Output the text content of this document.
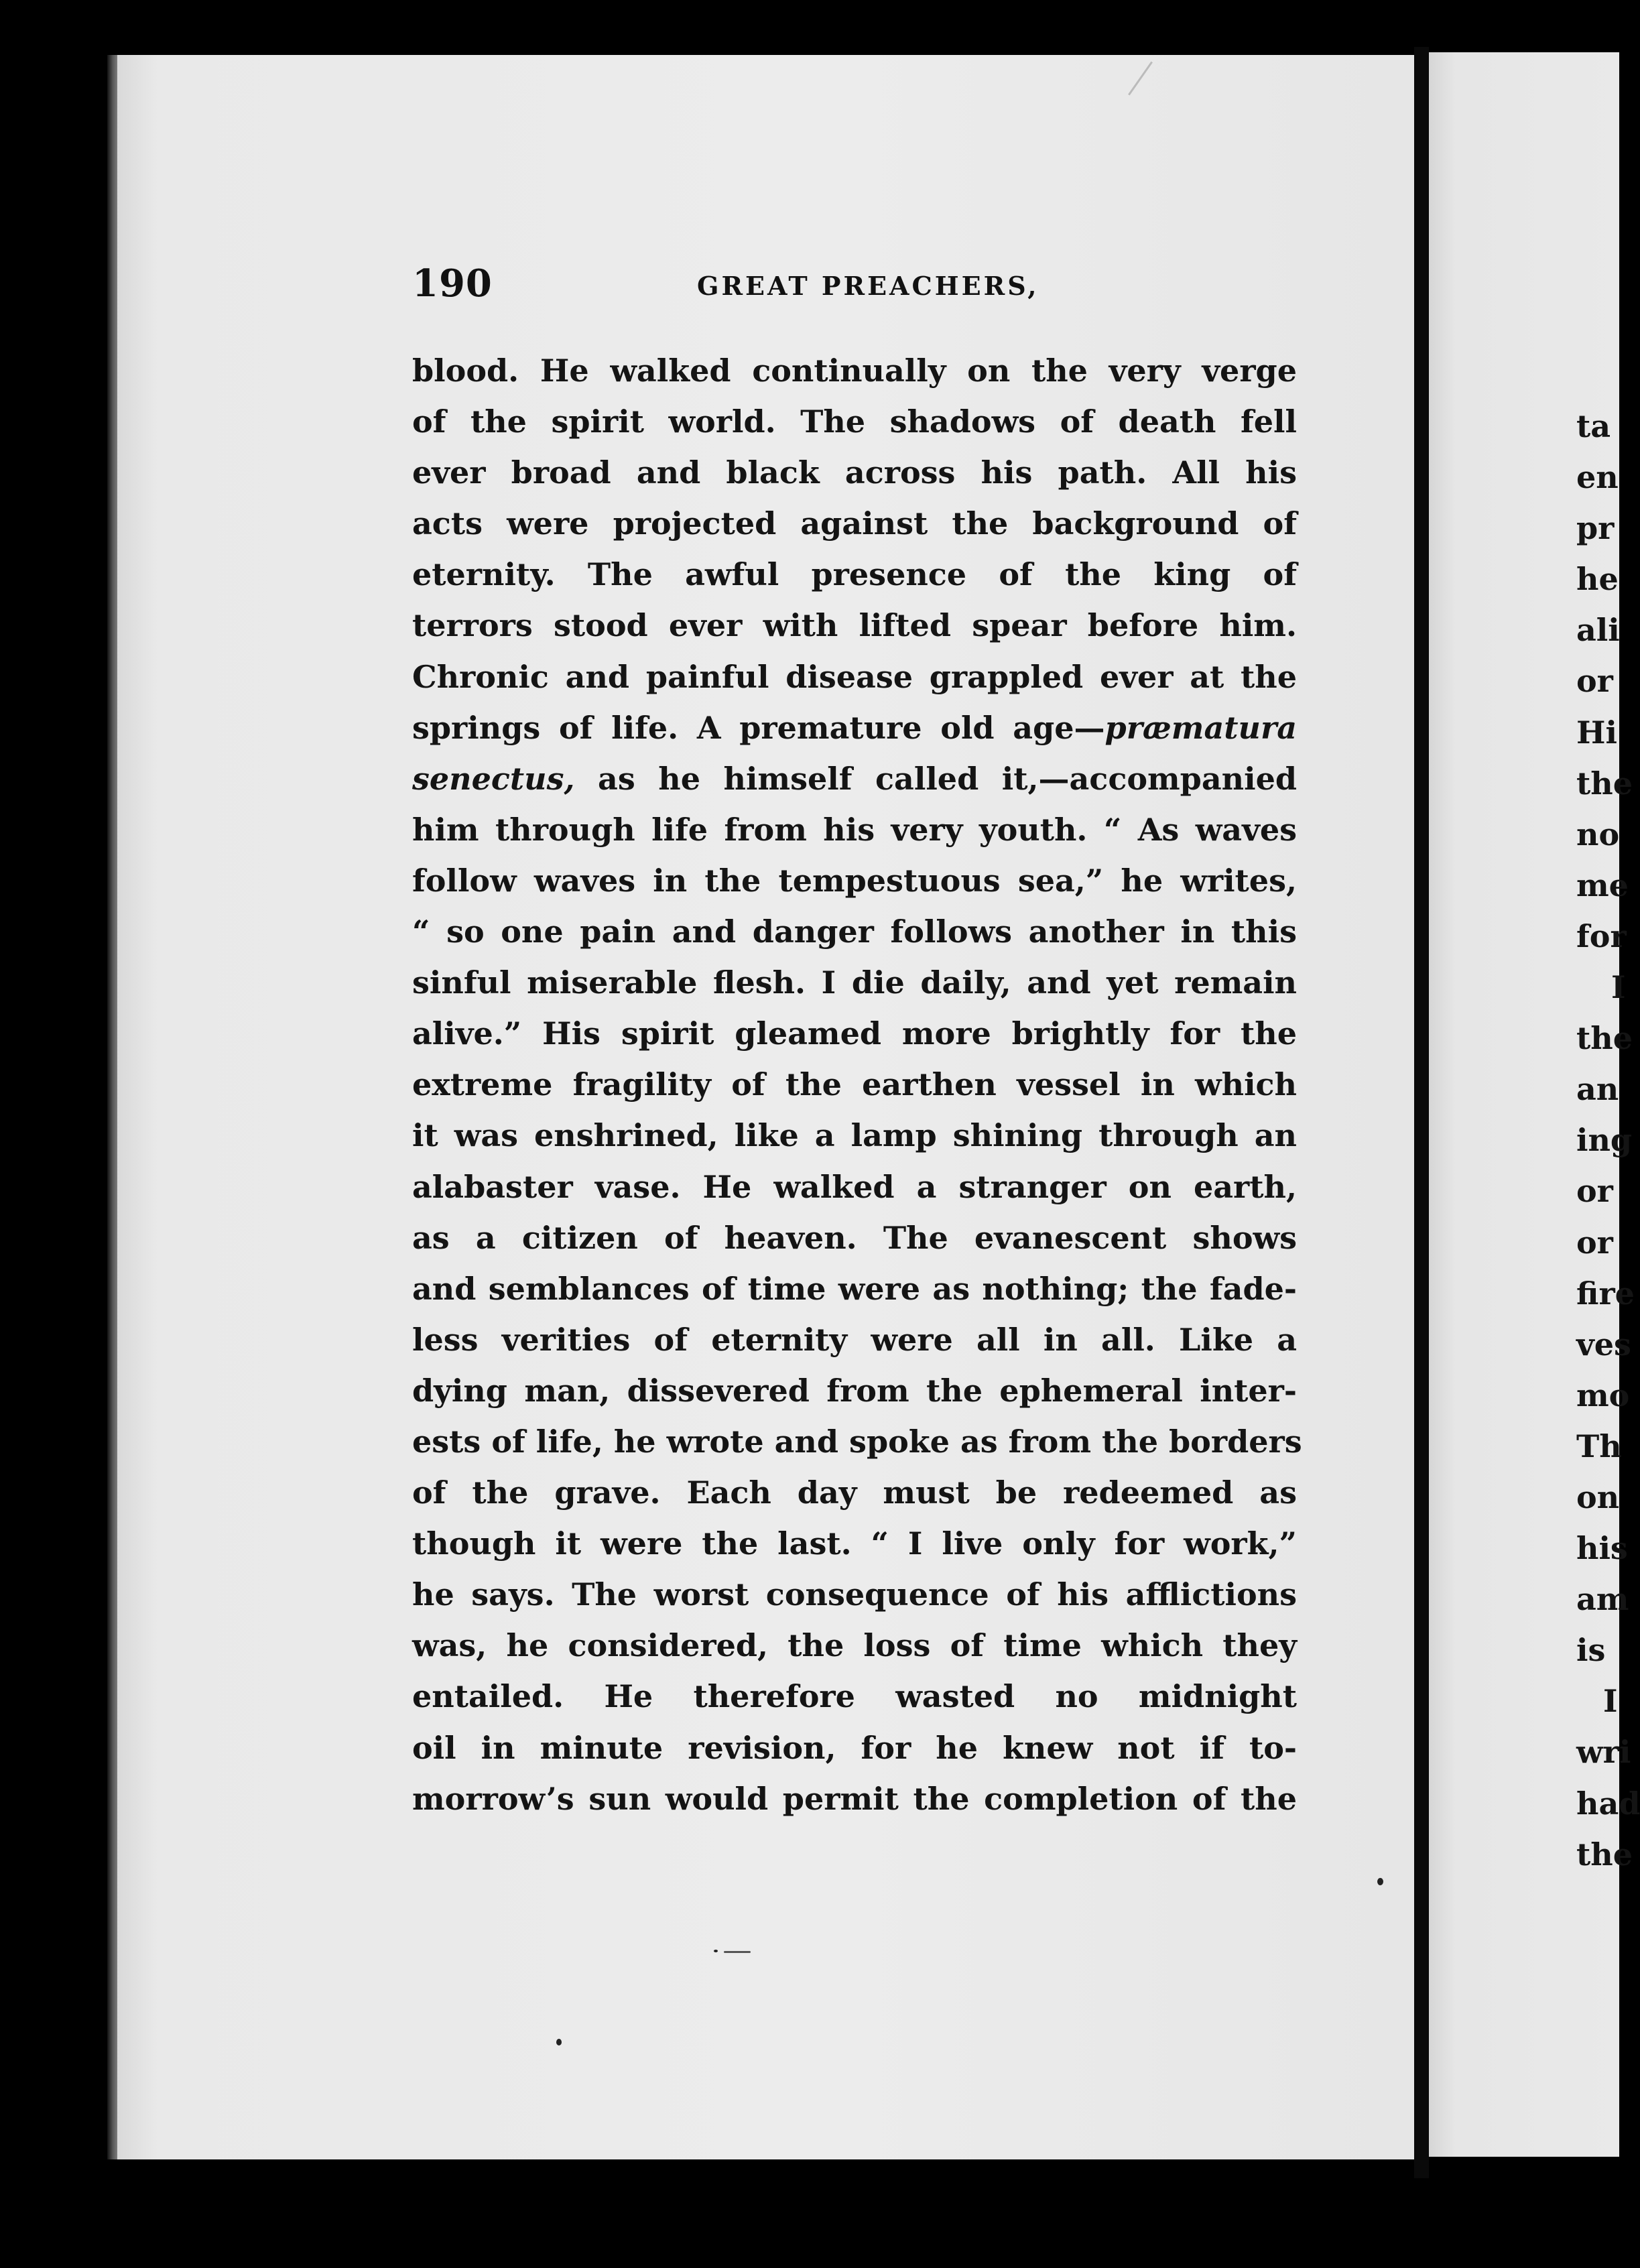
ta
en
pr
he
ali
or
Hi
the
no
me
for
I
the
an
ing
or
or
fire
ves
mo
Th
on
his
am
is
I
wri
had
the
190	GREAT PREACHERS,
blood. He walked continually on the very verge
of the spirit world. The shadows of death fell
ever broad and black across his path. All his
acts were projected against the background of
eternity. The awful presence of the king of
terrors stood ever with lifted spear before him.
Chronic and painful disease grappled ever at the
springs of life. A premature old age—præmatura
senectus, as he himself called it,—accompanied
him through life from his very youth. “ As waves
follow waves in the tempestuous sea,” he writes,
“ so one pain and danger follows another in this
sinful miserable flesh. I die daily, and yet remain
alive.” His spirit gleamed more brightly for the
extreme fragility of the earthen vessel in which
it was enshrined, like a lamp shining through an
alabaster vase. He walked a stranger on earth,
as a citizen of heaven. The evanescent shows
and semblances of time were as nothing; the fade-
less verities of eternity were all in all. Like a
dying man, dissevered from the ephemeral inter-
ests of life, he wrote and spoke as from the borders
of the grave. Each day must be redeemed as
though it were the last. “ I live only for work,”
he says. The worst consequence of his afflictions
was, he considered, the loss of time which they
entailed. He therefore wasted no midnight
oil in minute revision, for he knew not if to-
morrow’s sun would permit the completion of the
